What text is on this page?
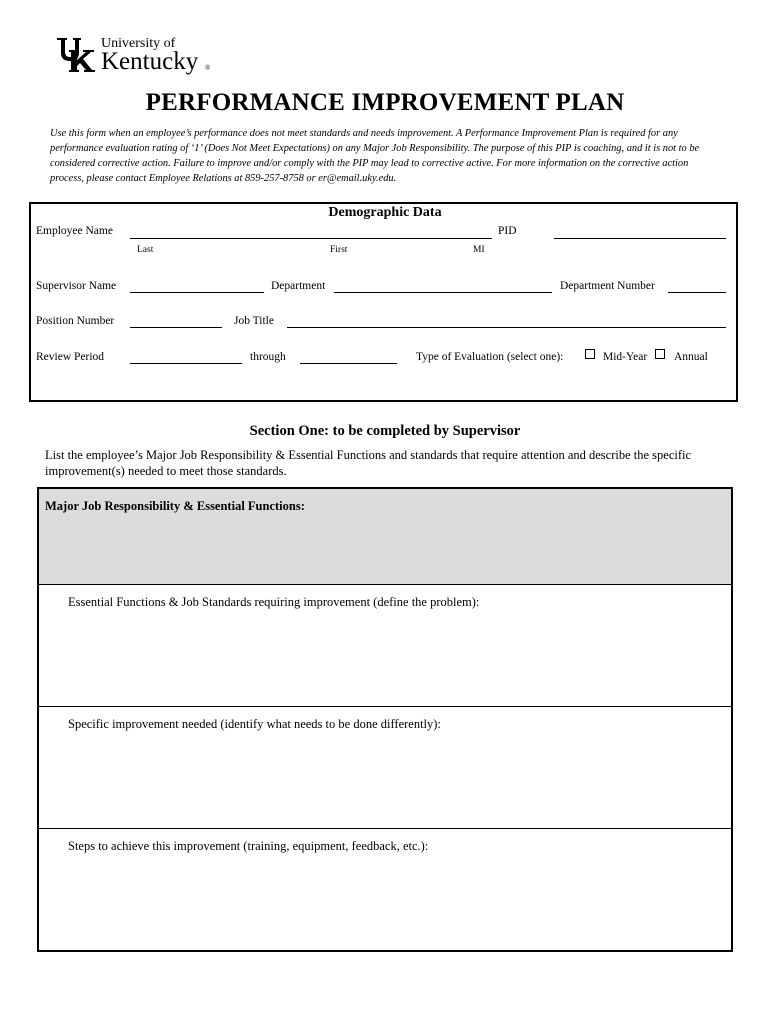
University of
Kentucky ®
PERFORMANCE IMPROVEMENT PLAN
Use this form when an employee’s performance does not meet standards and needs improvement. A Performance Improvement Plan is required for any performance evaluation rating of ‘1’ (Does Not Meet Expectations) on any Major Job Responsibility. The purpose of this PIP is coaching, and it is not to be considered corrective action. Failure to improve and/or comply with the PIP may lead to corrective active. For more information on the corrective action process, please contact Employee Relations at 859-257-8758 or er@email.uky.edu.
Demographic Data
Employee Name	PID
Last	First	MI
Supervisor Name	Department	Department Number
Position Number	Job Title
Review Period	through	Type of Evaluation (select one):	Mid-Year Annual
Section One: to be completed by Supervisor
List the employee’s Major Job Responsibility & Essential Functions and standards that require attention and describe the specific improvement(s) needed to meet those standards.
Major Job Responsibility & Essential Functions:
Essential Functions & Job Standards requiring improvement (define the problem):
Specific improvement needed (identify what needs to be done differently):
Steps to achieve this improvement (training, equipment, feedback, etc.):
